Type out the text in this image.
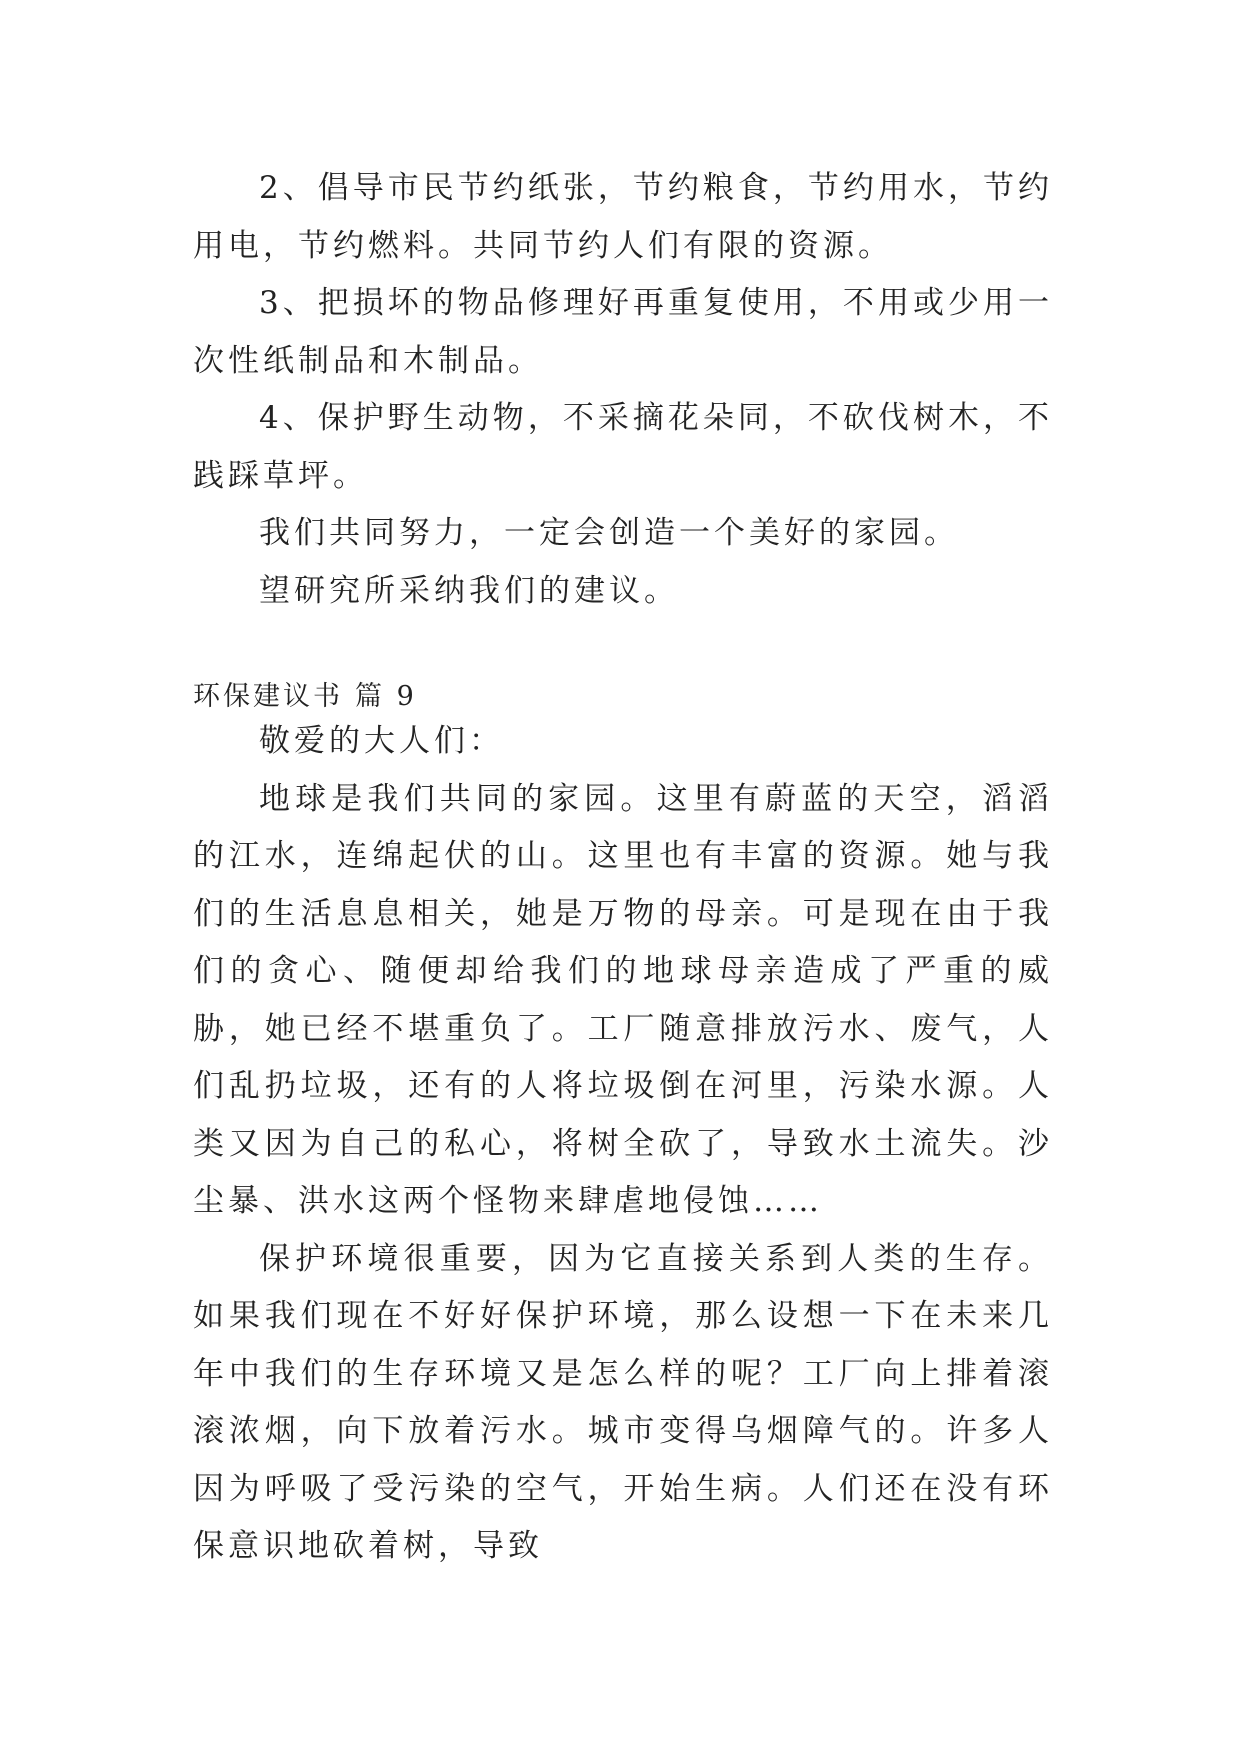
2、倡导市民节约纸张，节约粮食，节约用水，节约用电，节约燃料。共同节约人们有限的资源。

3、把损坏的物品修理好再重复使用，不用或少用一次性纸制品和木制品。

4、保护野生动物，不采摘花朵同，不砍伐树木，不践踩草坪。

我们共同努力，一定会创造一个美好的家园。

望研究所采纳我们的建议。

环保建议书 篇 9

敬爱的大人们：

地球是我们共同的家园。这里有蔚蓝的天空，滔滔的江水，连绵起伏的山。这里也有丰富的资源。她与我们的生活息息相关，她是万物的母亲。可是现在由于我们的贪心、随便却给我们的地球母亲造成了严重的威胁，她已经不堪重负了。工厂随意排放污水、废气，人们乱扔垃圾，还有的人将垃圾倒在河里，污染水源。人类又因为自己的私心，将树全砍了，导致水土流失。沙尘暴、洪水这两个怪物来肆虐地侵蚀……

保护环境很重要，因为它直接关系到人类的生存。如果我们现在不好好保护环境，那么设想一下在未来几年中我们的生存环境又是怎么样的呢？工厂向上排着滚滚浓烟，向下放着污水。城市变得乌烟障气的。许多人因为呼吸了受污染的空气，开始生病。人们还在没有环保意识地砍着树，导致
